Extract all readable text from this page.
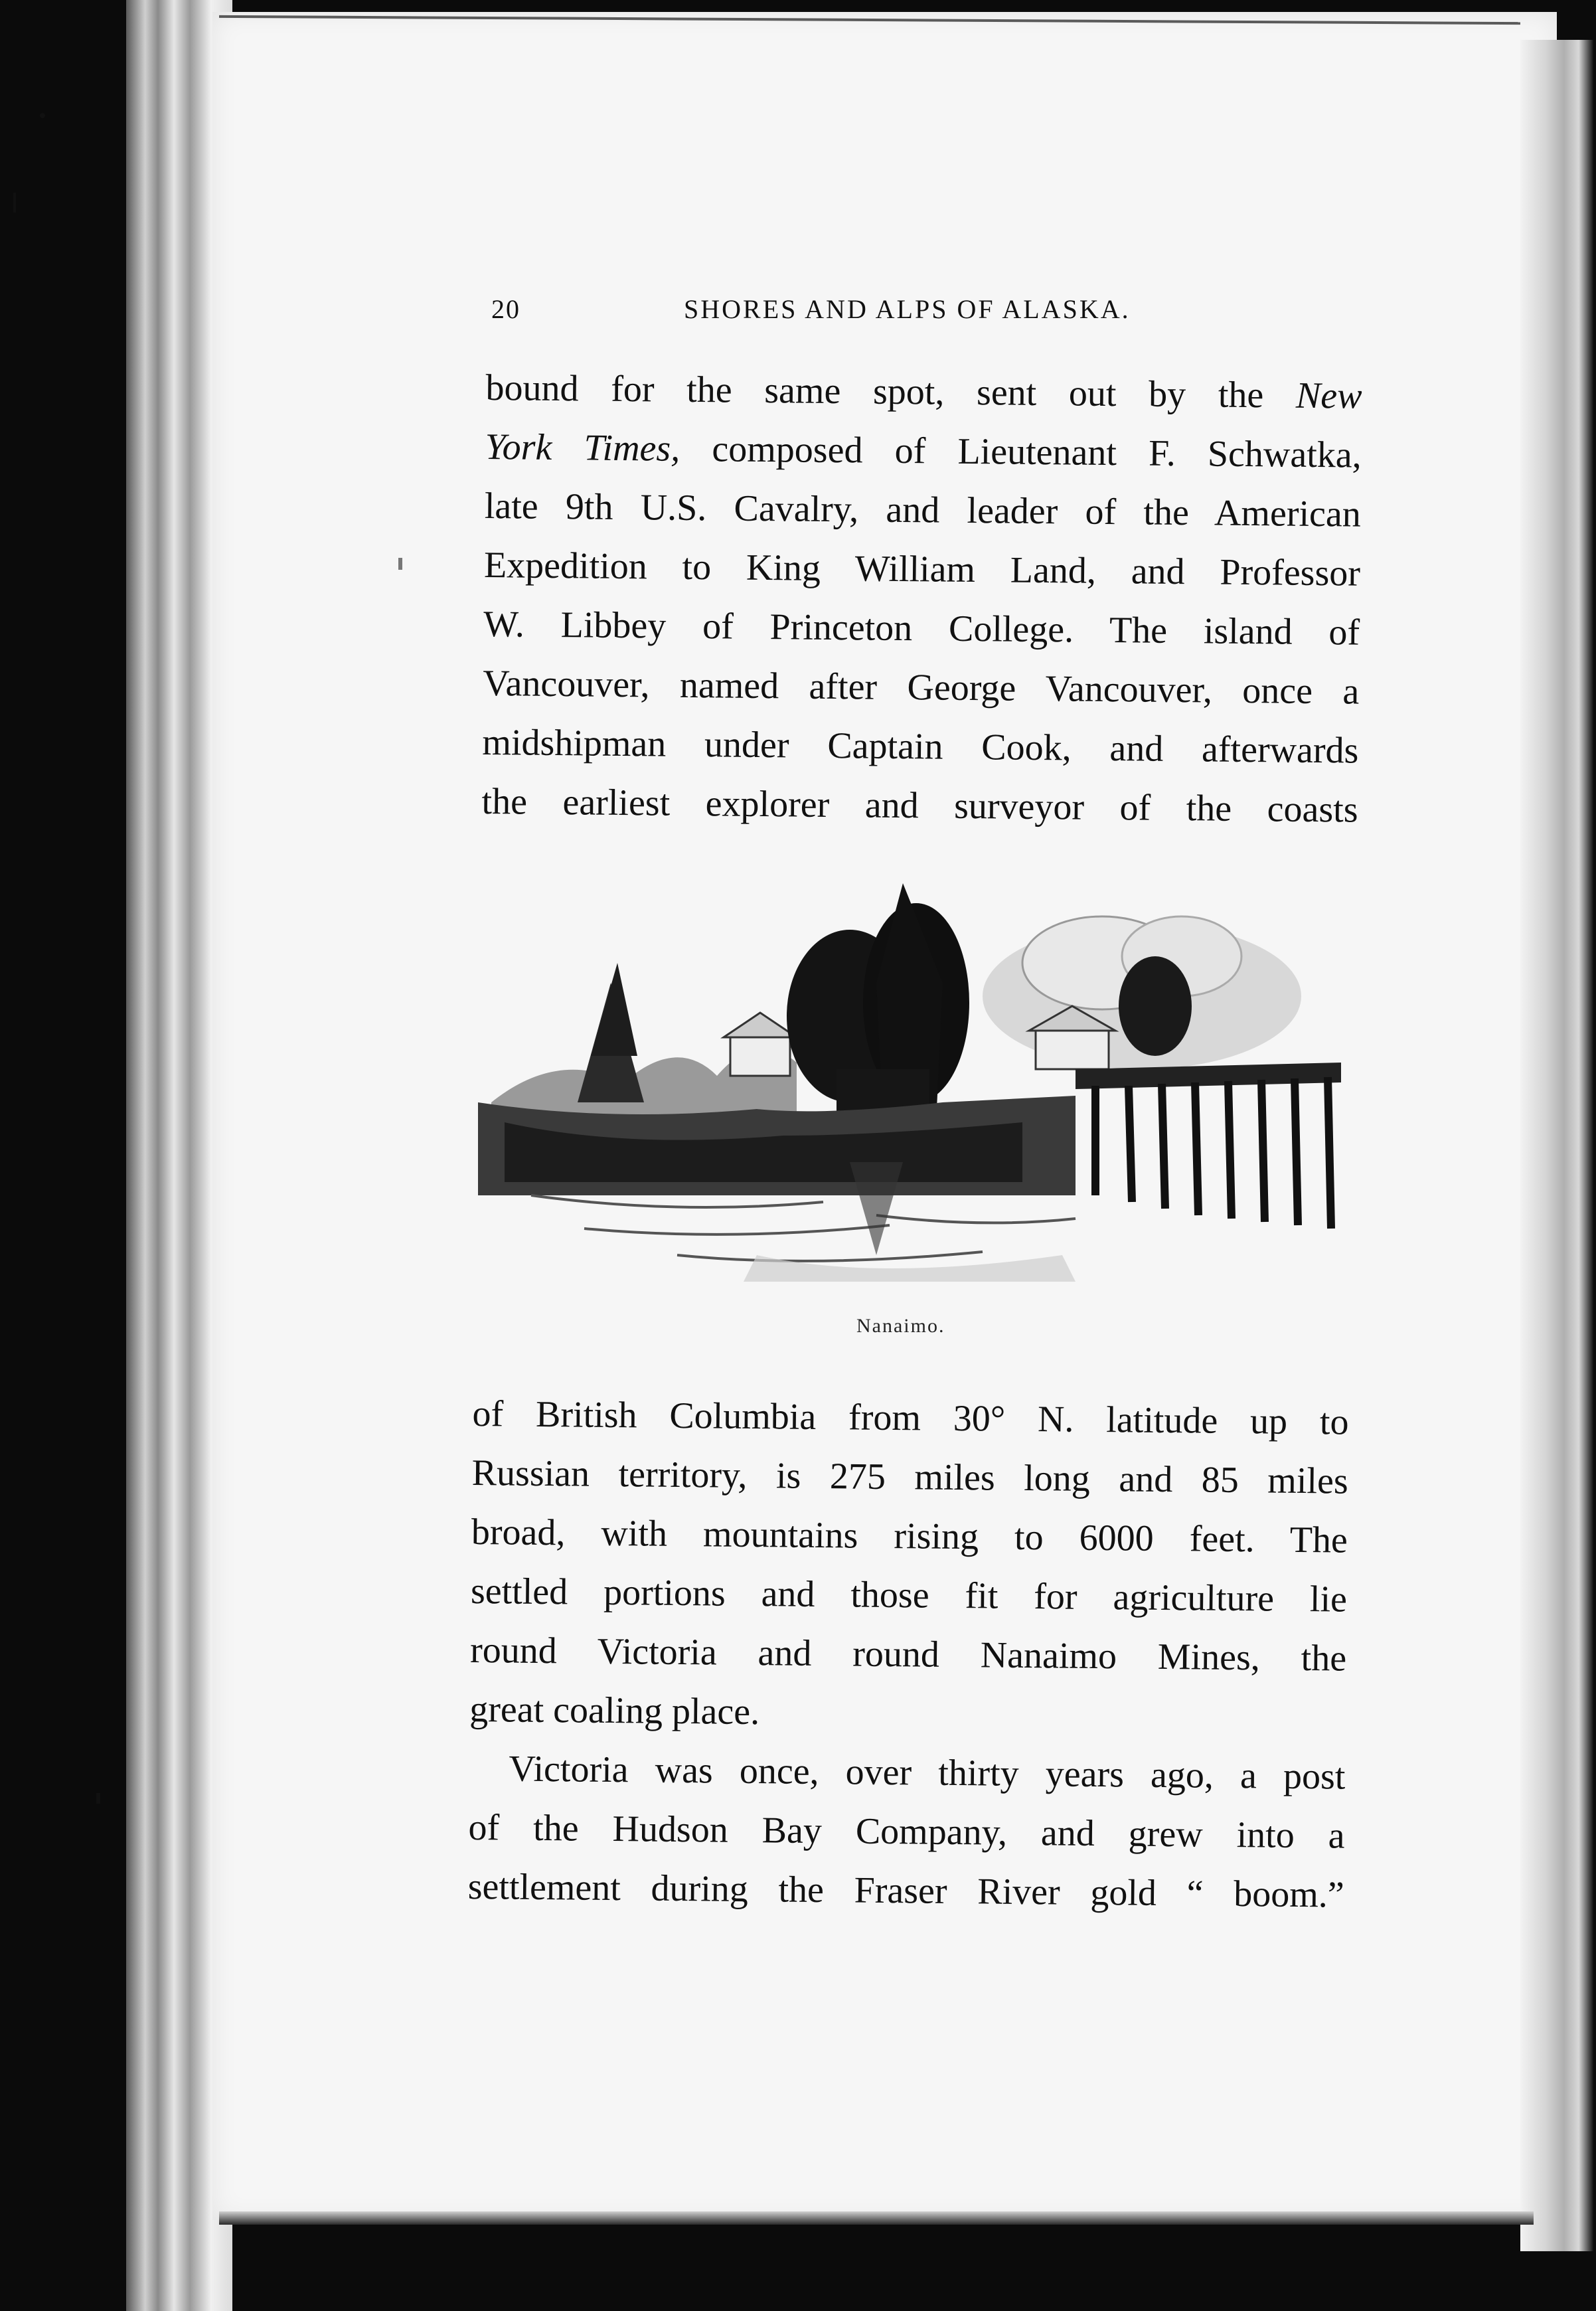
20	SHORES AND ALPS OF ALASKA.
bound for the same spot, sent out by the New
York Times, composed of Lieutenant F. Schwatka,
late 9th U.S. Cavalry, and leader of the American
Expedition to King William Land, and Professor
W. Libbey of Princeton College. The island of
Vancouver, named after George Vancouver, once a
midshipman under Captain Cook, and afterwards
the earliest explorer and surveyor of the coasts
Nanaimo.
of British Columbia from 30° N. latitude up to
Russian territory, is 275 miles long and 85 miles
broad, with mountains rising to 6000 feet. The
settled portions and those fit for agriculture lie
round Victoria and round Nanaimo Mines, the
great coaling place.
Victoria was once, over thirty years ago, a post
of the Hudson Bay Company, and grew into a
settlement during the Fraser River gold “ boom.”
